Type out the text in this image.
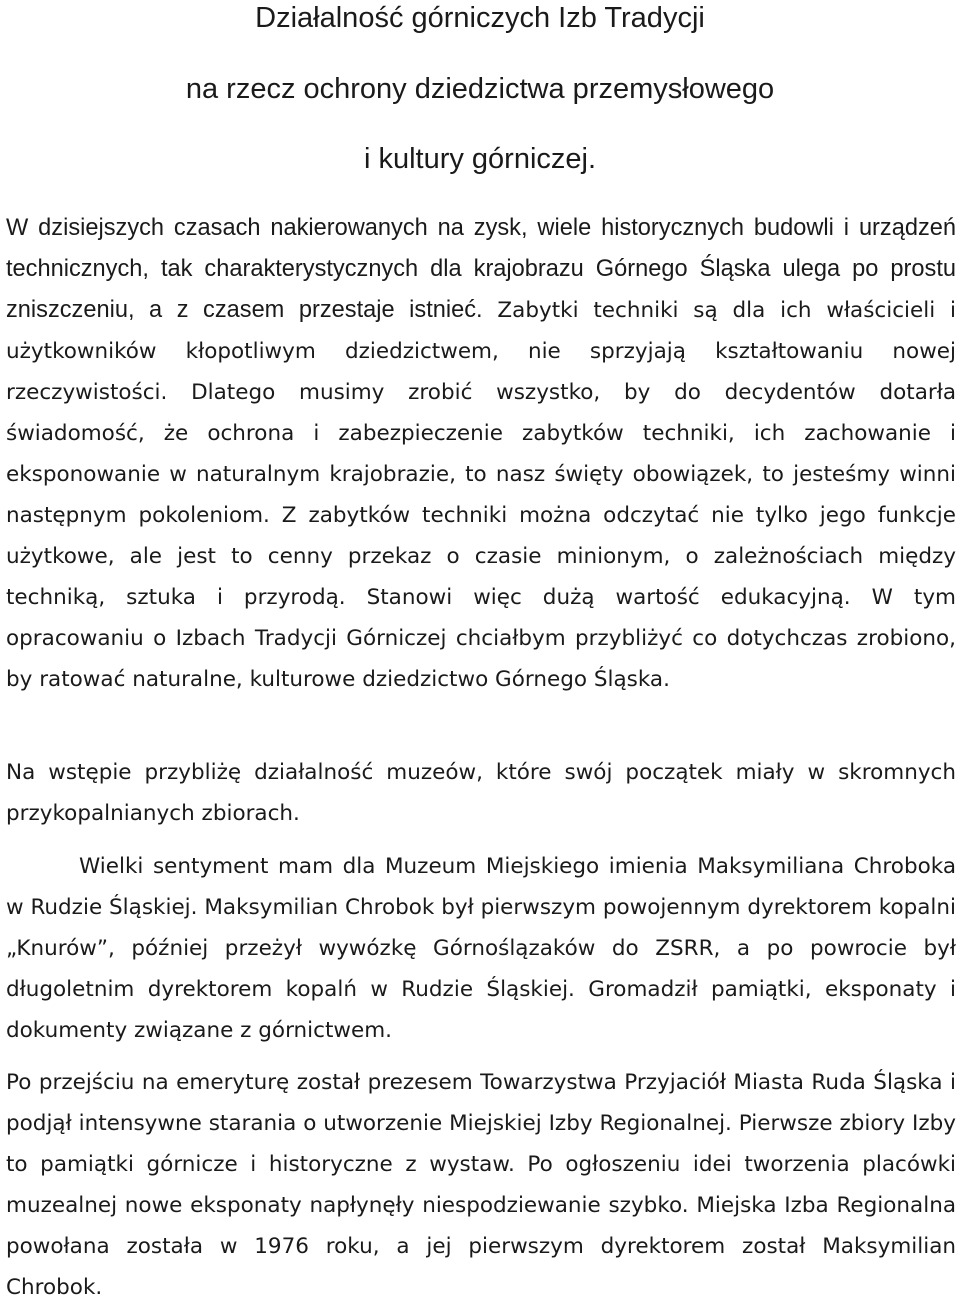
Działalność górniczych Izb Tradycji
na rzecz ochrony dziedzictwa przemysłowego
i kultury górniczej.

W dzisiejszych czasach nakierowanych na zysk, wiele historycznych budowli i urządzeń technicznych, tak charakterystycznych dla krajobrazu Górnego Śląska ulega po prostu zniszczeniu, a z czasem przestaje istnieć. Zabytki techniki są dla ich właścicieli i użytkowników kłopotliwym dziedzictwem, nie sprzyjają kształtowaniu nowej rzeczywistości. Dlatego musimy zrobić wszystko, by do decydentów dotarła świadomość, że ochrona i zabezpieczenie zabytków techniki, ich zachowanie i eksponowanie w naturalnym krajobrazie, to nasz święty obowiązek, to jesteśmy winni następnym pokoleniom. Z zabytków techniki można odczytać nie tylko jego funkcje użytkowe, ale jest to cenny przekaz o czasie minionym, o zależnościach między techniką, sztuka i przyrodą. Stanowi więc dużą wartość edukacyjną. W tym opracowaniu o Izbach Tradycji Górniczej chciałbym przybliżyć co dotychczas zrobiono, by ratować naturalne, kulturowe dziedzictwo Górnego Śląska.

Na wstępie przybliżę działalność muzeów, które swój początek miały w skromnych przykopalnianych zbiorach.

Wielki sentyment mam dla Muzeum Miejskiego imienia Maksymiliana Chroboka w Rudzie Śląskiej. Maksymilian Chrobok był pierwszym powojennym dyrektorem kopalni „Knurów”, później przeżył wywózkę Górnoślązaków do ZSRR, a po powrocie był długoletnim dyrektorem kopalń w Rudzie Śląskiej. Gromadził pamiątki, eksponaty i dokumenty związane z górnictwem.

Po przejściu na emeryturę został prezesem Towarzystwa Przyjaciół Miasta Ruda Śląska i podjął intensywne starania o utworzenie Miejskiej Izby Regionalnej. Pierwsze zbiory Izby to pamiątki górnicze i historyczne z wystaw. Po ogłoszeniu idei tworzenia placówki muzealnej nowe eksponaty napłynęły niespodziewanie szybko. Miejska Izba Regionalna powołana została w 1976 roku, a jej pierwszym dyrektorem został Maksymilian Chrobok.
